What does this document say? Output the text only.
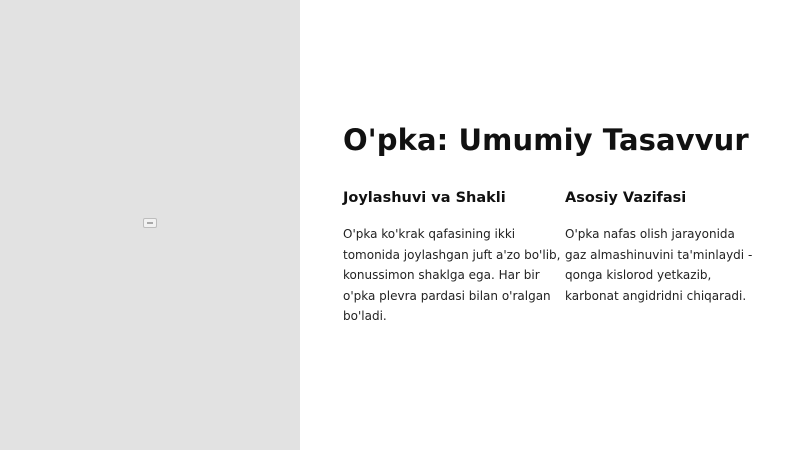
O'pka: Umumiy Tasavvur
Joylashuvi va Shakli

O'pka ko'krak qafasining ikki tomonida joylashgan juft a'zo bo'lib, konussimon shaklga ega. Har bir o'pka plevra pardasi bilan o'ralgan bo'ladi.

Asosiy Vazifasi

O'pka nafas olish jarayonida gaz almashinuvini ta'minlaydi - qonga kislorod yetkazib, karbonat angidridni chiqaradi.
